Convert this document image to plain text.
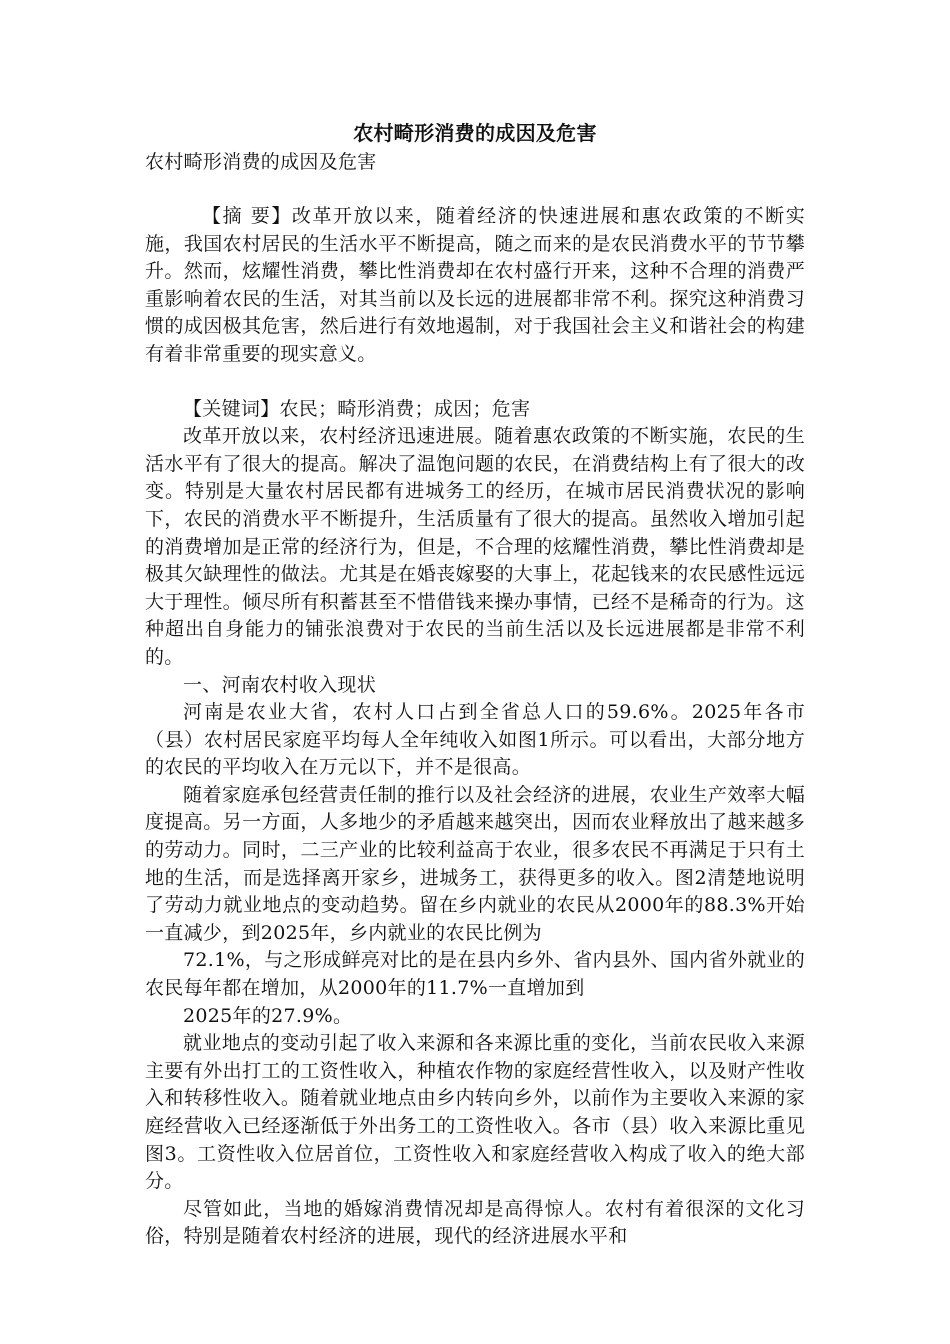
农村畸形消费的成因及危害

农村畸形消费的成因及危害

【摘 要】改革开放以来，随着经济的快速进展和惠农政策的不断实施，我国农村居民的生活水平不断提高，随之而来的是农民消费水平的节节攀升。然而，炫耀性消费，攀比性消费却在农村盛行开来，这种不合理的消费严重影响着农民的生活，对其当前以及长远的进展都非常不利。探究这种消费习惯的成因极其危害，然后进行有效地遏制，对于我国社会主义和谐社会的构建有着非常重要的现实意义。

【关键词】农民；畸形消费；成因；危害

改革开放以来，农村经济迅速进展。随着惠农政策的不断实施，农民的生活水平有了很大的提高。解决了温饱问题的农民，在消费结构上有了很大的改变。特别是大量农村居民都有进城务工的经历，在城市居民消费状况的影响下，农民的消费水平不断提升，生活质量有了很大的提高。虽然收入增加引起的消费增加是正常的经济行为，但是，不合理的炫耀性消费，攀比性消费却是极其欠缺理性的做法。尤其是在婚丧嫁娶的大事上，花起钱来的农民感性远远大于理性。倾尽所有积蓄甚至不惜借钱来操办事情，已经不是稀奇的行为。这种超出自身能力的铺张浪费对于农民的当前生活以及长远进展都是非常不利的。

一、河南农村收入现状

河南是农业大省，农村人口占到全省总人口的59.6%。2025年各市（县）农村居民家庭平均每人全年纯收入如图1所示。可以看出，大部分地方的农民的平均收入在万元以下，并不是很高。

随着家庭承包经营责任制的推行以及社会经济的进展，农业生产效率大幅度提高。另一方面，人多地少的矛盾越来越突出，因而农业释放出了越来越多的劳动力。同时，二三产业的比较利益高于农业，很多农民不再满足于只有土地的生活，而是选择离开家乡，进城务工，获得更多的收入。图2清楚地说明了劳动力就业地点的变动趋势。留在乡内就业的农民从2000年的88.3%开始一直减少，到2025年，乡内就业的农民比例为

72.1%，与之形成鲜亮对比的是在县内乡外、省内县外、国内省外就业的农民每年都在增加，从2000年的11.7%一直增加到

2025年的27.9%。

就业地点的变动引起了收入来源和各来源比重的变化，当前农民收入来源主要有外出打工的工资性收入，种植农作物的家庭经营性收入，以及财产性收入和转移性收入。随着就业地点由乡内转向乡外，以前作为主要收入来源的家庭经营收入已经逐渐低于外出务工的工资性收入。各市（县）收入来源比重见图3。工资性收入位居首位，工资性收入和家庭经营收入构成了收入的绝大部分。

尽管如此，当地的婚嫁消费情况却是高得惊人。农村有着很深的文化习俗，特别是随着农村经济的进展，现代的经济进展水平和
